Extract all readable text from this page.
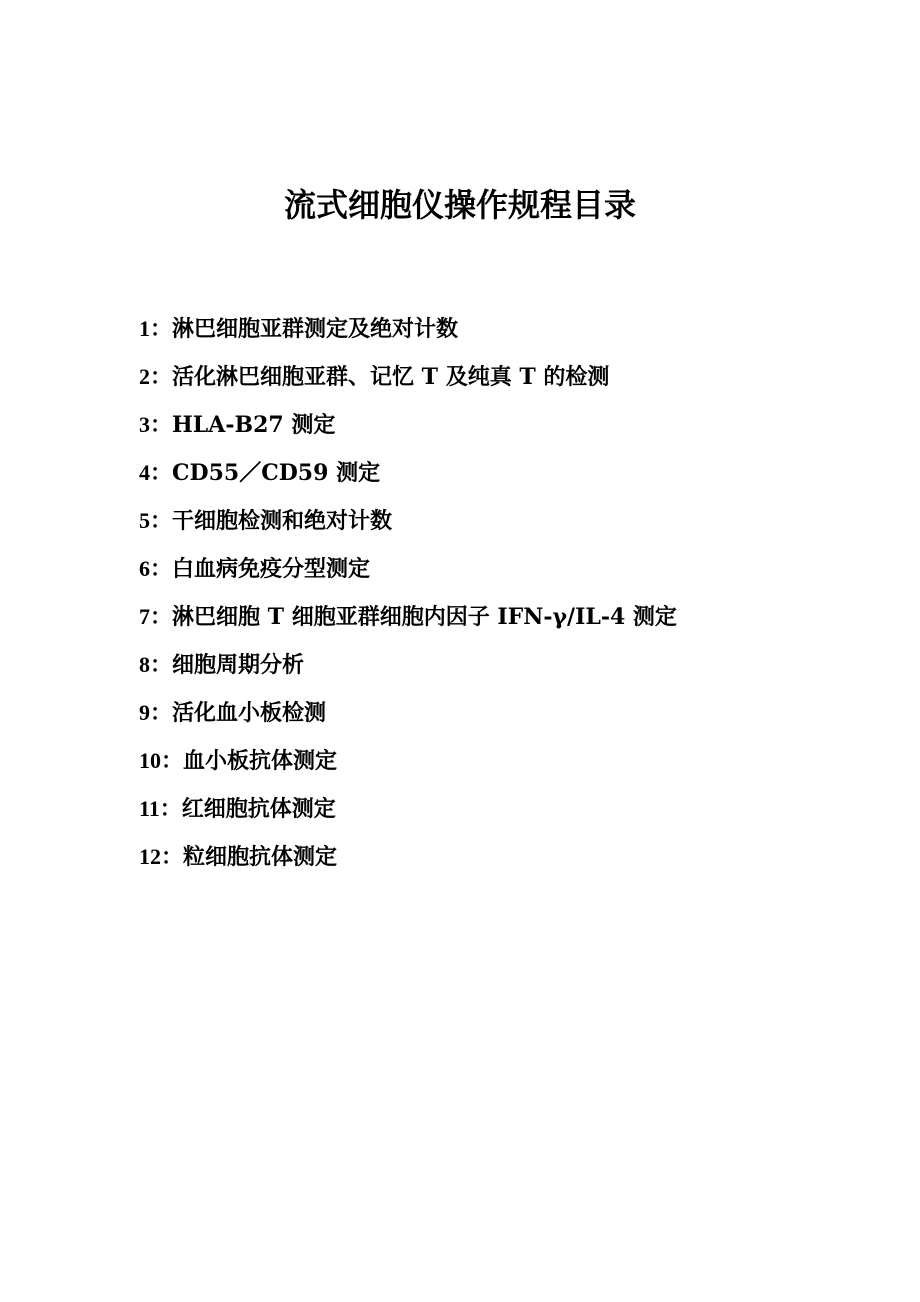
流式细胞仪操作规程目录
1：淋巴细胞亚群测定及绝对计数
2：活化淋巴细胞亚群、记忆 T 及纯真 T 的检测
3：HLA-B27 测定
4：CD55／CD59 测定
5：干细胞检测和绝对计数
6：白血病免疫分型测定
7：淋巴细胞 T 细胞亚群细胞内因子 IFN-γ/IL-4 测定
8：细胞周期分析
9：活化血小板检测
10：血小板抗体测定
11：红细胞抗体测定
12：粒细胞抗体测定
